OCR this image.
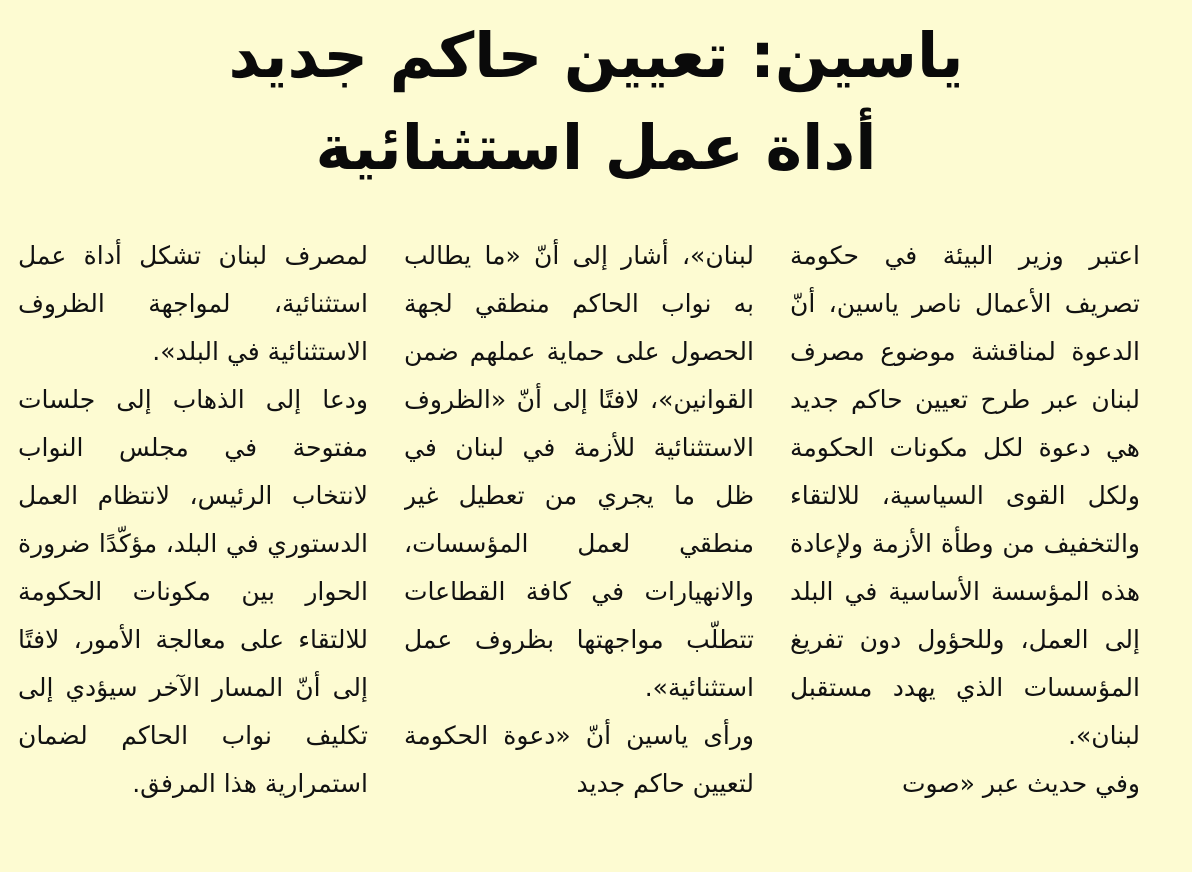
ياسين: تعيين حاكم جديد
أداة عمل استثنائية

اعتبر وزير البيئة في حكومة تصريف الأعمال ناصر ياسين، أنّ الدعوة لمناقشة موضوع مصرف لبنان عبر طرح تعيين حاكم جديد هي دعوة لكل مكونات الحكومة ولكل القوى السياسية، للالتقاء والتخفيف من وطأة الأزمة ولإعادة هذه المؤسسة الأساسية في البلد إلى العمل، وللحؤول دون تفريغ المؤسسات الذي يهدد مستقبل لبنان».

وفي حديث عبر «صوت

لبنان»، أشار إلى أنّ «ما يطالب به نواب الحاكم منطقي لجهة الحصول على حماية عملهم ضمن القوانين»، لافتًا إلى أنّ «الظروف الاستثنائية للأزمة في لبنان في ظل ما يجري من تعطيل غير منطقي لعمل المؤسسات، والانهيارات في كافة القطاعات تتطلّب مواجهتها بظروف عمل استثنائية».

ورأى ياسين أنّ «دعوة الحكومة لتعيين حاكم جديد

لمصرف لبنان تشكل أداة عمل استثنائية، لمواجهة الظروف الاستثنائية في البلد».

ودعا إلى الذهاب إلى جلسات مفتوحة في مجلس النواب لانتخاب الرئيس، لانتظام العمل الدستوري في البلد، مؤكّدًا ضرورة الحوار بين مكونات الحكومة للالتقاء على معالجة الأمور، لافتًا إلى أنّ المسار الآخر سيؤدي إلى تكليف نواب الحاكم لضمان استمرارية هذا المرفق.
